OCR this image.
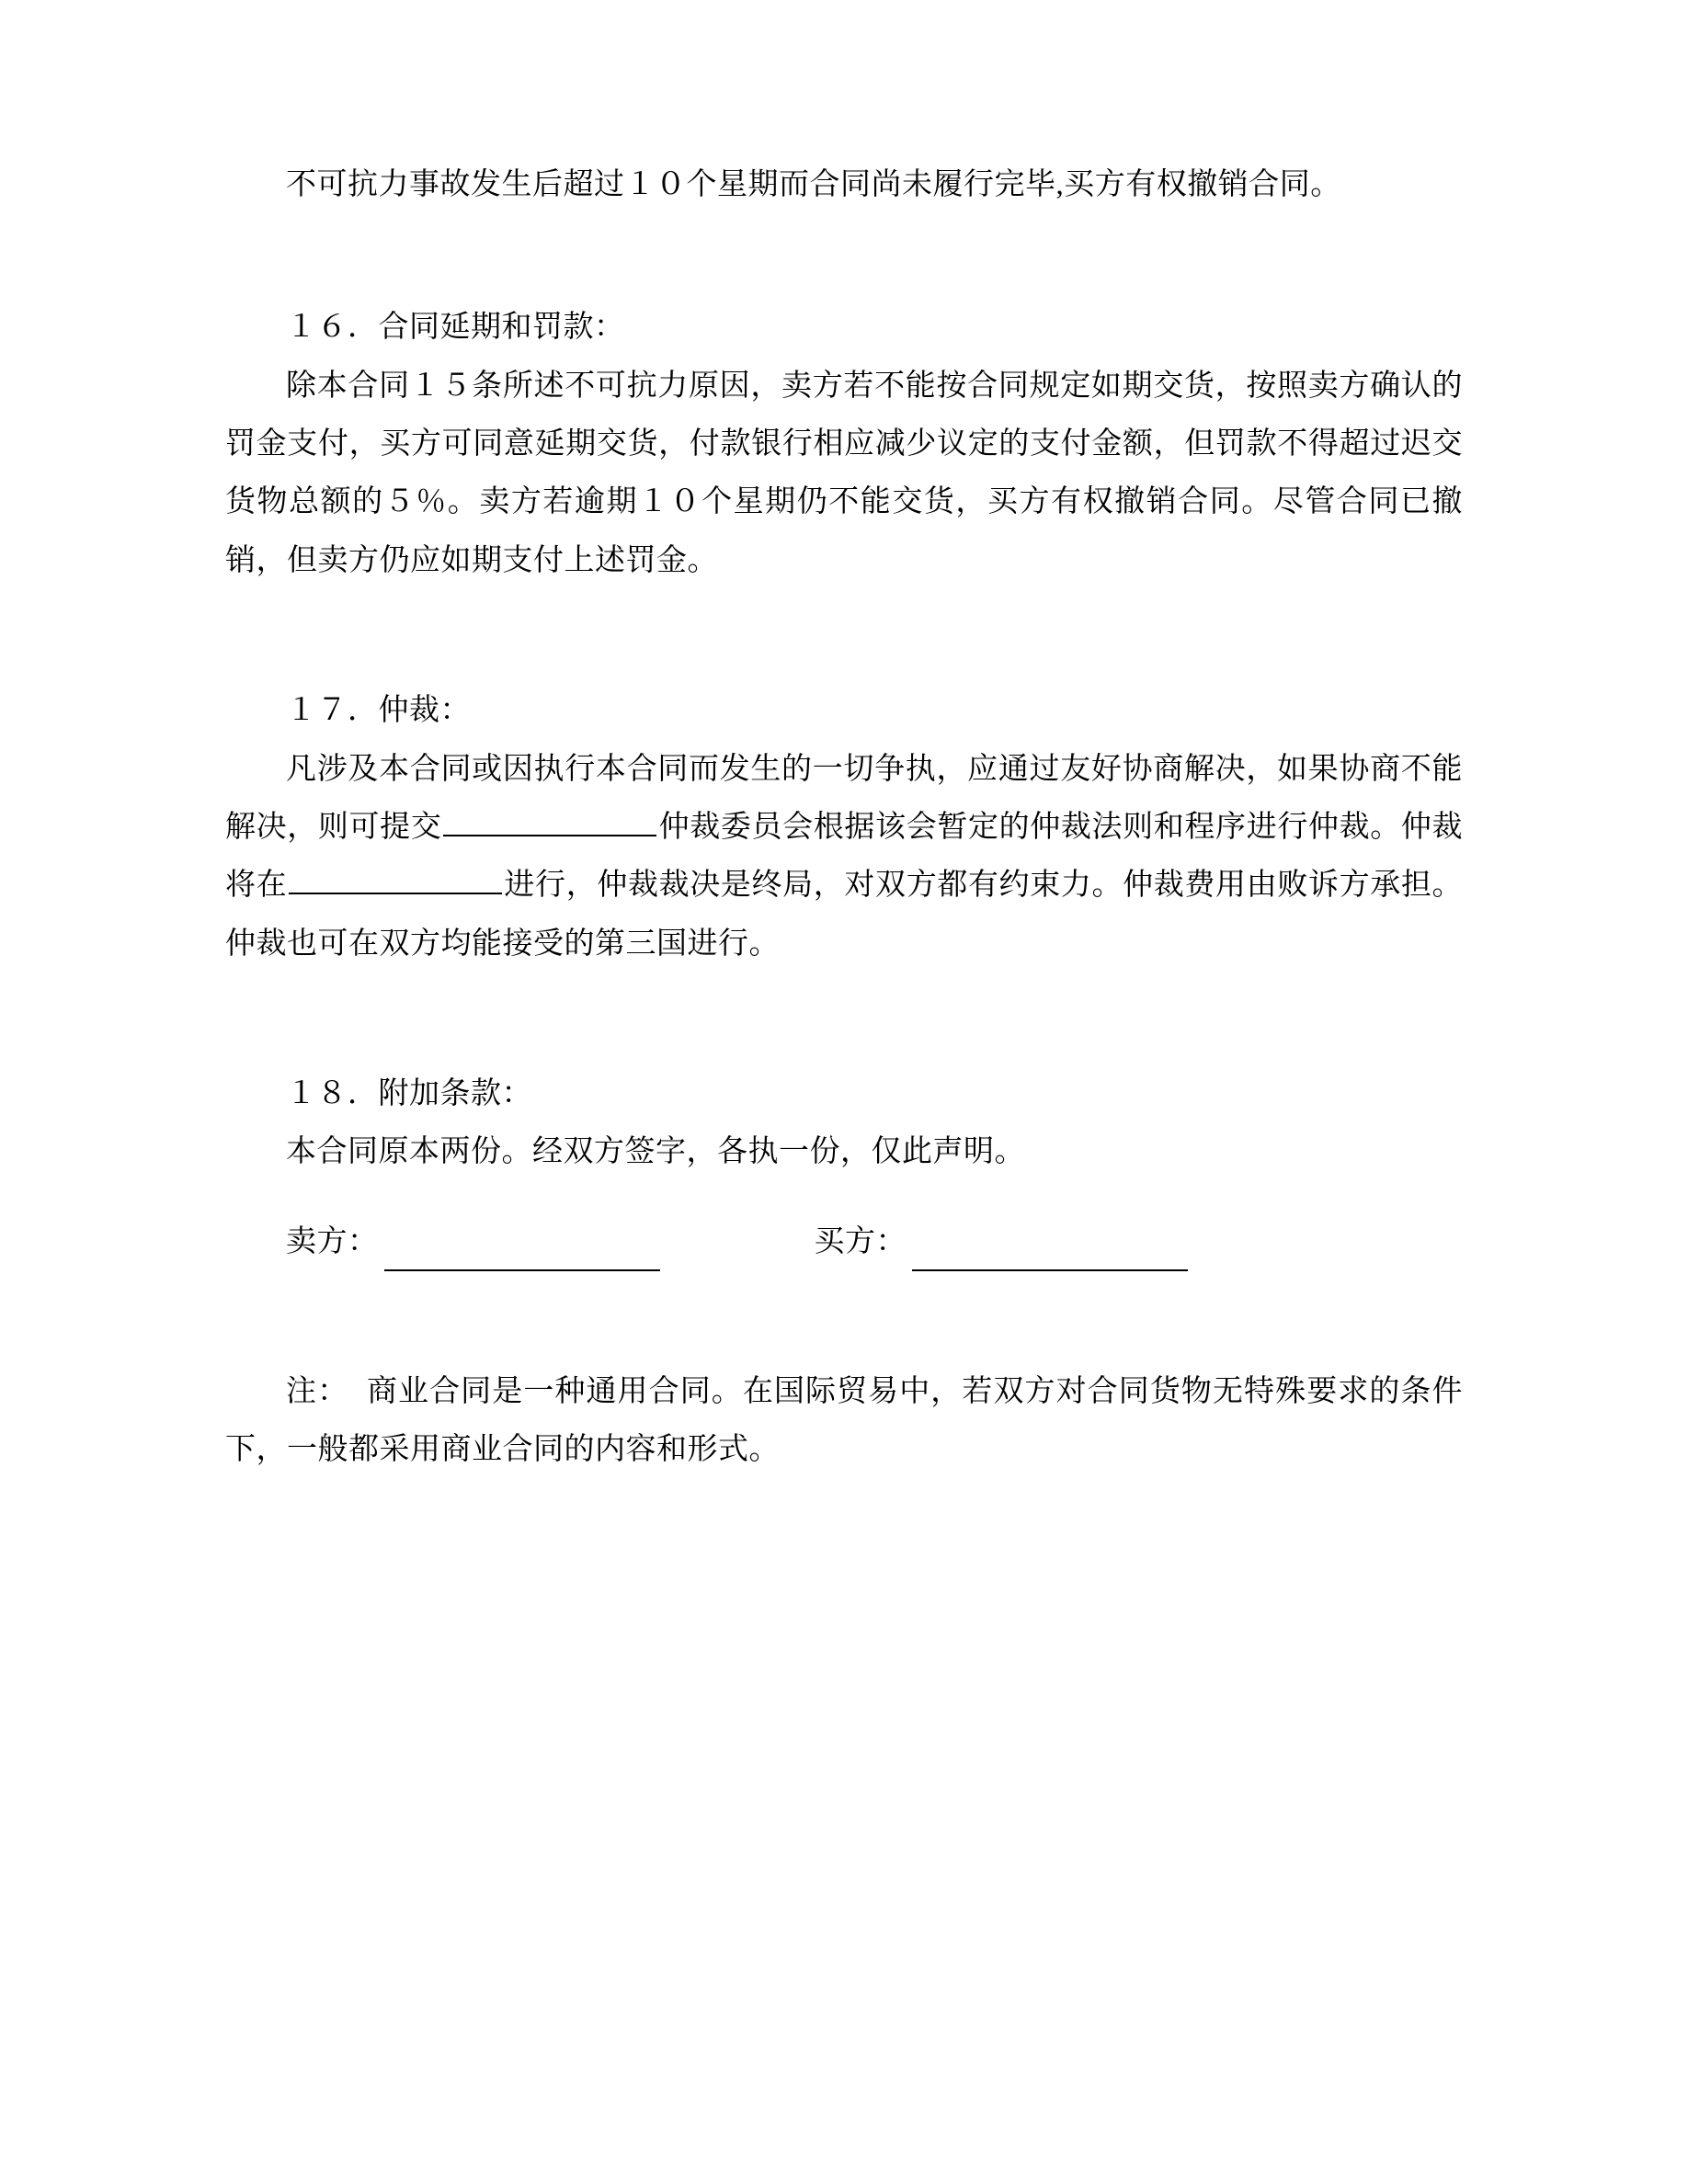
不可抗力事故发生后超过１０个星期而合同尚未履行完毕,买方有权撤销合同。

１６．合同延期和罚款：

除本合同１５条所述不可抗力原因，卖方若不能按合同规定如期交货，按照卖方确认的罚金支付，买方可同意延期交货，付款银行相应减少议定的支付金额，但罚款不得超过迟交货物总额的５％。卖方若逾期１０个星期仍不能交货，买方有权撤销合同。尽管合同已撤销，但卖方仍应如期支付上述罚金。

１７．仲裁：

凡涉及本合同或因执行本合同而发生的一切争执，应通过友好协商解决，如果协商不能解决，则可提交	仲裁委员会根据该会暂定的仲裁法则和程序进行仲裁。仲裁将在	进行，仲裁裁决是终局，对双方都有约束力。仲裁费用由败诉方承担。仲裁也可在双方均能接受的第三国进行。

１８．附加条款：

本合同原本两份。经双方签字，各执一份，仅此声明。

卖方：	买方：

注： 商业合同是一种通用合同。在国际贸易中，若双方对合同货物无特殊要求的条件下，一般都采用商业合同的内容和形式。
